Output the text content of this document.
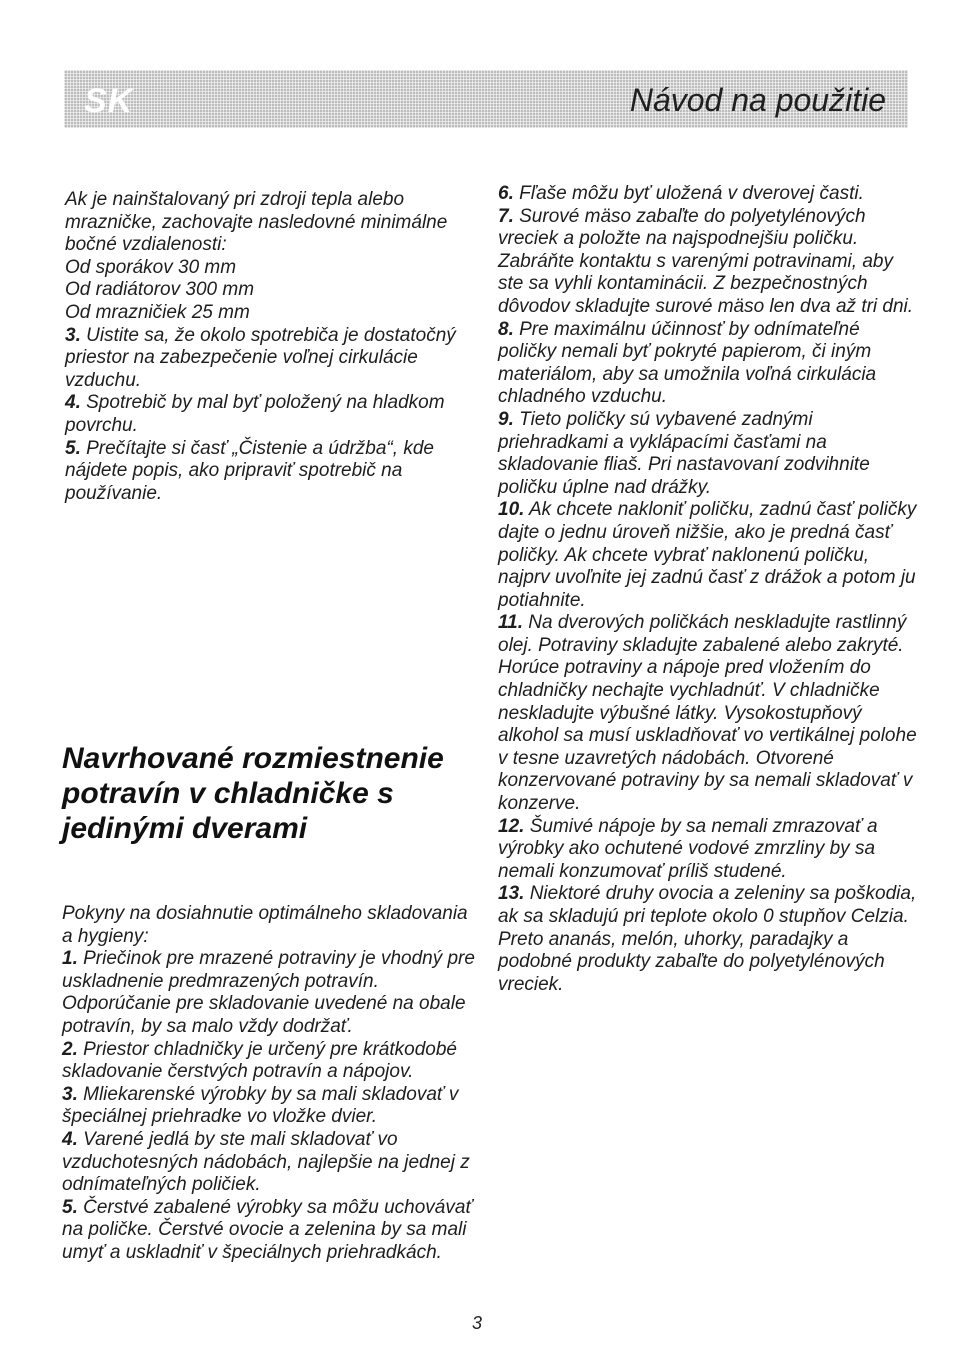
SK	Návod na použitie

Ak je nainštalovaný pri zdroji tepla alebo mrazničke, zachovajte nasledovné minimálne bočné vzdialenosti:

Od sporákov 30 mm

Od radiátorov 300 mm

Od mrazničiek 25 mm

3. Uistite sa, že okolo spotrebiča je dostatočný priestor na zabezpečenie voľnej cirkulácie vzduchu.

4. Spotrebič by mal byť položený na hladkom povrchu.

5. Prečítajte si časť „Čistenie a údržba“, kde nájdete popis, ako pripraviť spotrebič na používanie.

Navrhované rozmiestnenie potravín v chladničke s jedinými dverami

Pokyny na dosiahnutie optimálneho skladovania a hygieny:

1. Priečinok pre mrazené potraviny je vhodný pre uskladnenie predmrazených potravín. Odporúčanie pre skladovanie uvedené na obale potravín, by sa malo vždy dodržať.

2. Priestor chladničky je určený pre krátkodobé skladovanie čerstvých potravín a nápojov.

3. Mliekarenské výrobky by sa mali skladovať v špeciálnej priehradke vo vložke dvier.

4. Varené jedlá by ste mali skladovať vo vzduchotesných nádobách, najlepšie na jednej z odnímateľných poličiek.

5. Čerstvé zabalené výrobky sa môžu uchovávať na poličke. Čerstvé ovocie a zelenina by sa mali umyť a uskladniť v špeciálnych priehradkách.

6. Fľaše môžu byť uložená v dverovej časti.

7. Surové mäso zabaľte do polyetylénových vreciek a položte na najspodnejšiu poličku. Zabráňte kontaktu s varenými potravinami, aby ste sa vyhli kontaminácii. Z bezpečnostných dôvodov skladujte surové mäso len dva až tri dni.

8. Pre maximálnu účinnosť by odnímateľné poličky nemali byť pokryté papierom, či iným materiálom, aby sa umožnila voľná cirkulácia chladného vzduchu.

9. Tieto poličky sú vybavené zadnými priehradkami a vyklápacími časťami na skladovanie fliaš. Pri nastavovaní zodvihnite poličku úplne nad drážky.

10. Ak chcete nakloniť poličku, zadnú časť poličky dajte o jednu úroveň nižšie, ako je predná časť poličky. Ak chcete vybrať naklonenú poličku, najprv uvoľnite jej zadnú časť z drážok a potom ju potiahnite.

11. Na dverových poličkách neskladujte rastlinný olej. Potraviny skladujte zabalené alebo zakryté. Horúce potraviny a nápoje pred vložením do chladničky nechajte vychladnúť. V chladničke neskladujte výbušné látky. Vysokostupňový alkohol sa musí uskladňovať vo vertikálnej polohe v tesne uzavretých nádobách. Otvorené konzervované potraviny by sa nemali skladovať v konzerve.

12. Šumivé nápoje by sa nemali zmrazovať a výrobky ako ochutené vodové zmrzliny by sa nemali konzumovať príliš studené.

13. Niektoré druhy ovocia a zeleniny sa poškodia, ak sa skladujú pri teplote okolo 0 stupňov Celzia. Preto ananás, melón, uhorky, paradajky a podobné produkty zabaľte do polyetylénových vreciek.

3
